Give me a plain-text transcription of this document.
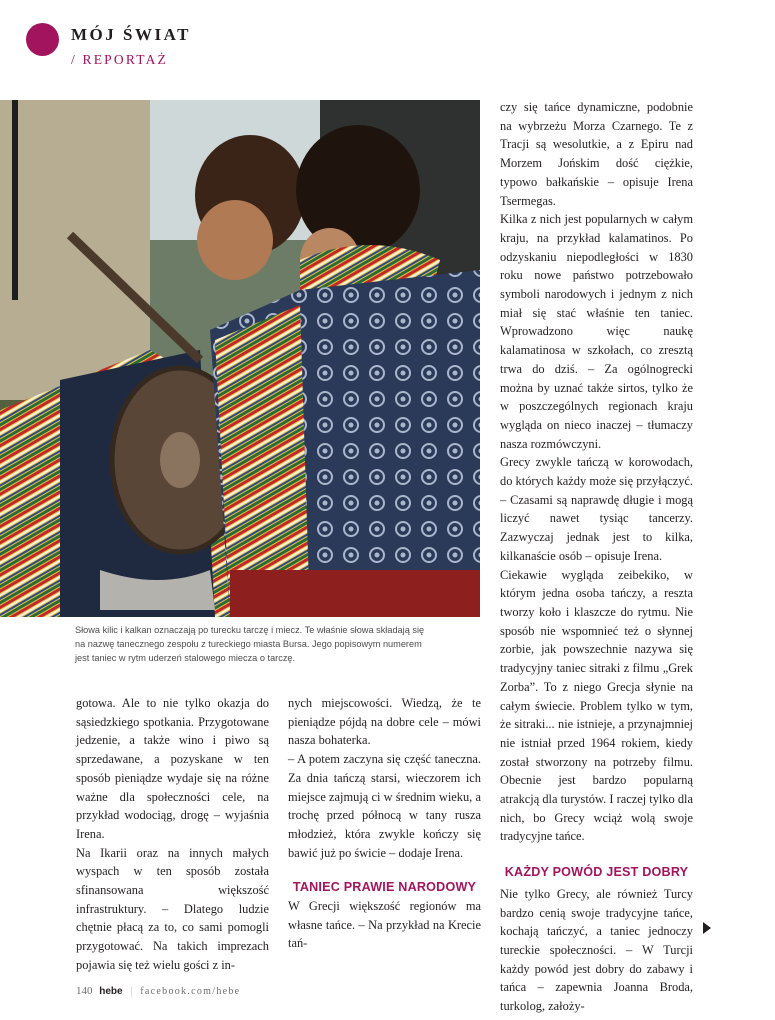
MÓJ ŚWIAT
/ REPORTAŻ

Słowa kilic i kalkan oznaczają po turecku tarczę i miecz. Te właśnie słowa składają się

na nazwę tanecznego zespołu z tureckiego miasta Bursa. Jego popisowym numerem

jest taniec w rytm uderzeń stalowego miecza o tarczę.

gotowa. Ale to nie tylko okazja do sąsiedzkiego spotkania. Przygotowane jedzenie, a także wino i piwo są sprzedawane, a pozyskane w ten sposób pieniądze wydaje się na różne ważne dla społeczności cele, na przykład wodociąg, drogę – wyjaśnia Irena.

Na Ikarii oraz na innych małych wyspach w ten sposób została sfinansowana większość infrastruktury. – Dlatego ludzie chętnie płacą za to, co sami pomogli przygotować. Na takich imprezach pojawia się też wielu gości z in-

nych miejscowości. Wiedzą, że te pieniądze pójdą na dobre cele – mówi nasza bohaterka.

– A potem zaczyna się część taneczna. Za dnia tańczą starsi, wieczorem ich miejsce zajmują ci w średnim wieku, a trochę przed północą w tany rusza młodzież, która zwykle kończy się bawić już po świcie – dodaje Irena.

TANIEC PRAWIE NARODOWY

W Grecji większość regionów ma własne tańce. – Na przykład na Krecie tań-

czy się tańce dynamiczne, podobnie na wybrzeżu Morza Czarnego. Te z Tracji są wesolutkie, a z Epiru nad Morzem Jońskim dość ciężkie, typowo bałkańskie – opisuje Irena Tsermegas.

Kilka z nich jest popularnych w całym kraju, na przykład kalamatinos. Po odzyskaniu niepodległości w 1830 roku nowe państwo potrzebowało symboli narodowych i jednym z nich miał się stać właśnie ten taniec. Wprowadzono więc naukę kalamatinosa w szkołach, co zresztą trwa do dziś. – Za ogólnogrecki można by uznać także sirtos, tylko że w poszczególnych regionach kraju wygląda on nieco inaczej – tłumaczy nasza rozmówczyni.

Grecy zwykle tańczą w korowodach, do których każdy może się przyłączyć. – Czasami są naprawdę długie i mogą liczyć nawet tysiąc tancerzy. Zazwyczaj jednak jest to kilka, kilkanaście osób – opisuje Irena.

Ciekawie wygląda zeibekiko, w którym jedna osoba tańczy, a reszta tworzy koło i klaszcze do rytmu. Nie sposób nie wspomnieć też o słynnej zorbie, jak powszechnie nazywa się tradycyjny taniec sitraki z filmu „Grek Zorba”. To z niego Grecja słynie na całym świecie. Problem tylko w tym, że sitraki... nie istnieje, a przynajmniej nie istniał przed 1964 rokiem, kiedy został stworzony na potrzeby filmu. Obecnie jest bardzo popularną atrakcją dla turystów. I raczej tylko dla nich, bo Grecy wciąż wolą swoje tradycyjne tańce.

KAŻDY POWÓD JEST DOBRY

Nie tylko Grecy, ale również Turcy bardzo cenią swoje tradycyjne tańce, kochają tańczyć, a taniec jednoczy tureckie społeczności. – W Turcji każdy powód jest dobry do zabawy i tańca – zapewnia Joanna Broda, turkolog, założy-

140 hebe | facebook.com/hebe
